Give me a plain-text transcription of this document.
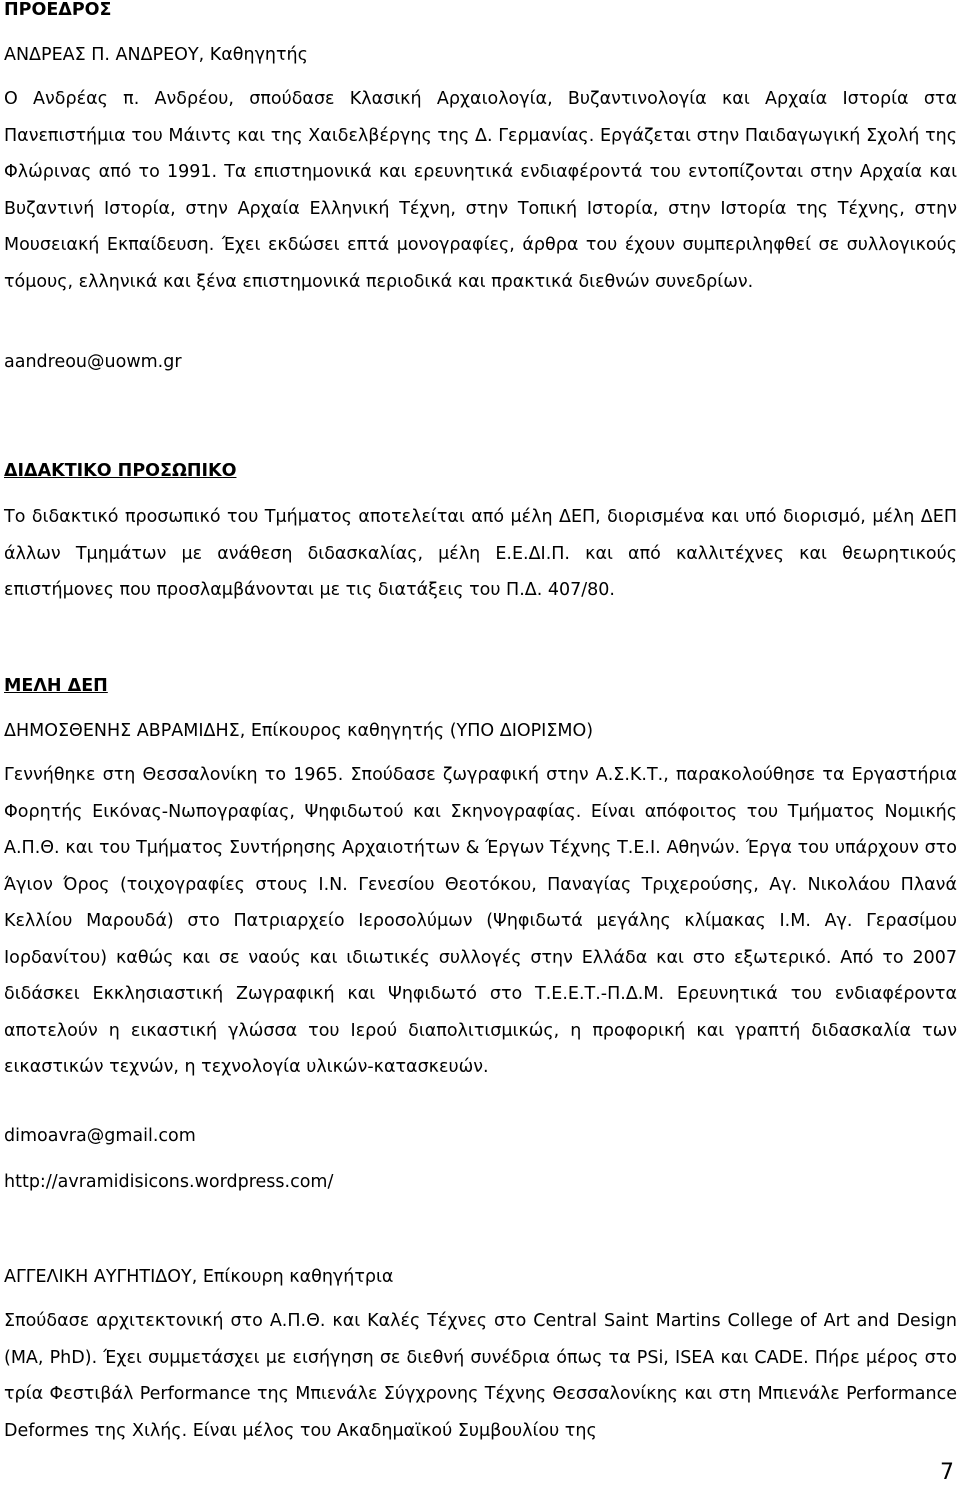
ΠΡΟΕΔΡΟΣ

ΑΝΔΡΕΑΣ Π. ΑΝΔΡΕΟΥ, Καθηγητής

Ο Ανδρέας π. Ανδρέου, σπούδασε Κλασική Αρχαιολογία, Βυζαντινολογία και Αρχαία Ιστορία στα Πανεπιστήμια του Μάιντς και της Χαιδελβέργης της Δ. Γερμανίας. Εργάζεται στην Παιδαγωγική Σχολή της Φλώρινας από το 1991. Τα επιστημονικά και ερευνητικά ενδιαφέροντά του εντοπίζονται στην Αρχαία και Βυζαντινή Ιστορία, στην Αρχαία Ελληνική Τέχνη, στην Τοπική Ιστορία, στην Ιστορία της Τέχνης, στην Μουσειακή Εκπαίδευση. Έχει εκδώσει επτά μονογραφίες, άρθρα του έχουν συμπεριληφθεί σε συλλογικούς τόμους, ελληνικά και ξένα επιστημονικά περιοδικά και πρακτικά διεθνών συνεδρίων.

aandreou@uowm.gr

ΔΙΔΑΚΤΙΚΟ ΠΡΟΣΩΠΙΚΟ

Το διδακτικό προσωπικό του Τμήματος αποτελείται από μέλη ΔΕΠ, διορισμένα και υπό διορισμό, μέλη ΔΕΠ άλλων Τμημάτων με ανάθεση διδασκαλίας, μέλη Ε.Ε.ΔΙ.Π. και από καλλιτέχνες και θεωρητικούς επιστήμονες που προσλαμβάνονται με τις διατάξεις του Π.Δ. 407/80.

ΜΕΛΗ ΔΕΠ

ΔΗΜΟΣΘΕΝΗΣ ΑΒΡΑΜΙΔΗΣ, Επίκουρος καθηγητής (ΥΠΟ ΔΙΟΡΙΣΜΟ)

Γεννήθηκε στη Θεσσαλονίκη το 1965. Σπούδασε ζωγραφική στην Α.Σ.Κ.Τ., παρακολούθησε τα Εργαστήρια Φορητής Εικόνας-Νωπογραφίας, Ψηφιδωτού και Σκηνογραφίας. Είναι απόφοιτος του Τμήματος Νομικής Α.Π.Θ. και του Τμήματος Συντήρησης Αρχαιοτήτων & Έργων Τέχνης Τ.Ε.Ι. Αθηνών. Έργα του υπάρχουν στο Άγιον Όρος (τοιχογραφίες στους Ι.Ν. Γενεσίου Θεοτόκου, Παναγίας Τριχερούσης, Αγ. Νικολάου Πλανά Κελλίου Μαρουδά) στο Πατριαρχείο Ιεροσολύμων (Ψηφιδωτά μεγάλης κλίμακας Ι.Μ. Αγ. Γερασίμου Ιορδανίτου) καθώς και σε ναούς και ιδιωτικές συλλογές στην Ελλάδα και στο εξωτερικό. Από το 2007 διδάσκει Εκκλησιαστική Ζωγραφική και Ψηφιδωτό στο Τ.Ε.Ε.Τ.-Π.Δ.Μ. Ερευνητικά του ενδιαφέροντα αποτελούν η εικαστική γλώσσα του Ιερού διαπολιτισμικώς, η προφορική και γραπτή διδασκαλία των εικαστικών τεχνών, η τεχνολογία υλικών-κατασκευών.

dimoavra@gmail.com

http://avramidisicons.wordpress.com/

ΑΓΓΕΛΙΚΗ ΑΥΓΗΤΙΔΟΥ, Επίκουρη καθηγήτρια

Σπούδασε αρχιτεκτονική στο Α.Π.Θ. και Καλές Τέχνες στο Central Saint Martins College of Art and Design (MA, PhD). Έχει συμμετάσχει με εισήγηση σε διεθνή συνέδρια όπως τα PSi, ISEA και CADE. Πήρε μέρος στο τρία Φεστιβάλ Performance της Μπιενάλε Σύγχρονης Τέχνης Θεσσαλονίκης και στη Μπιενάλε Performance Deformes της Χιλής. Είναι μέλος του Ακαδημαϊκού Συμβουλίου της

7
